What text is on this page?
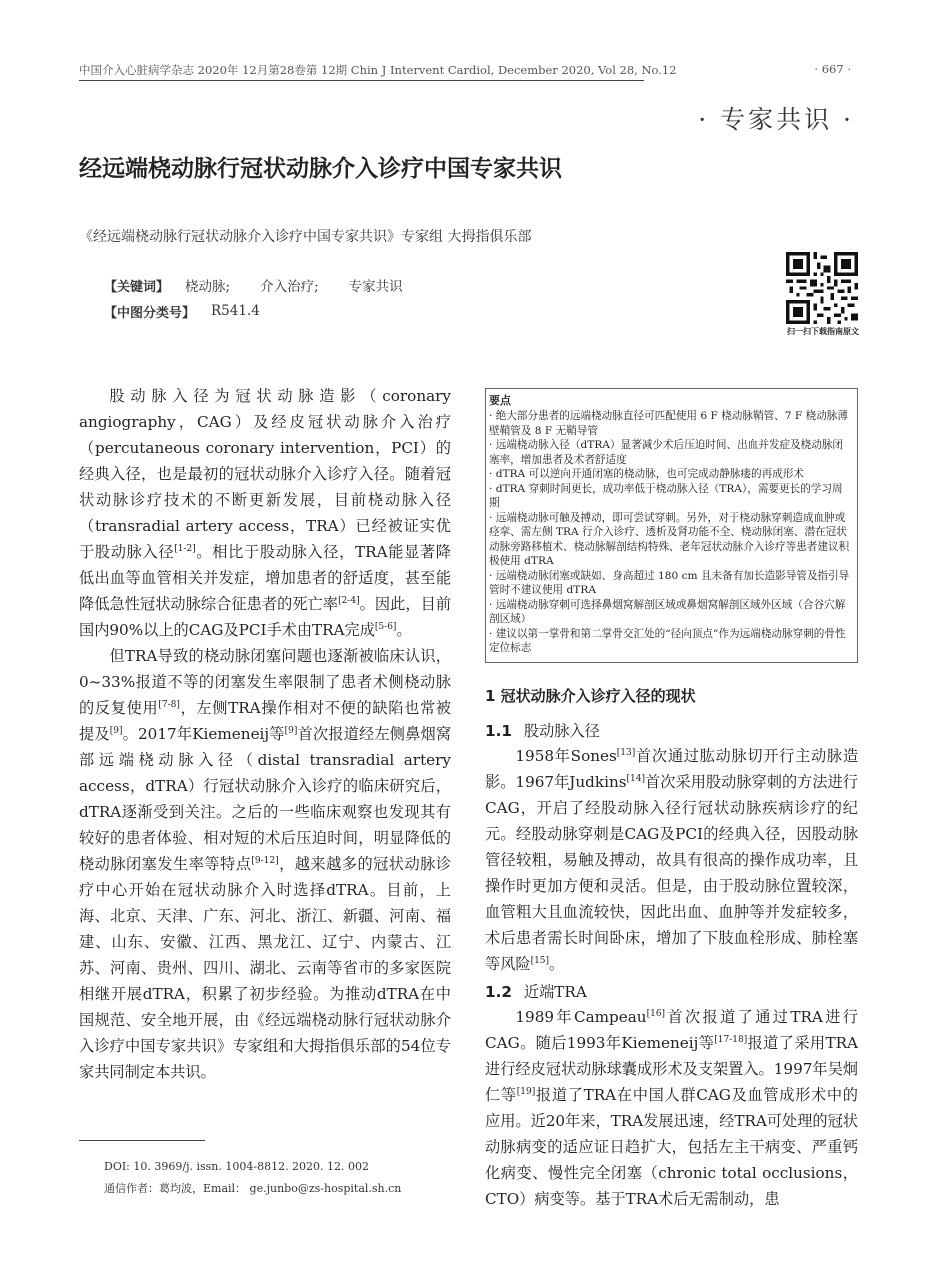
中国介入心脏病学杂志 2020年 12月第28卷第 12期 Chin J Intervent Cardiol, December 2020, Vol 28, No.12	· 667 ·
· 专家共识 ·
经远端桡动脉行冠状动脉介入诊疗中国专家共识
《经远端桡动脉行冠状动脉介入诊疗中国专家共识》专家组 大拇指俱乐部
【关键词】 桡动脉; 介入治疗; 专家共识
【中图分类号】 R541.4
扫一扫下载指南原文

股动脉入径为冠状动脉造影（coronary angiography，CAG）及经皮冠状动脉介入治疗（percutaneous coronary intervention，PCI）的经典入径，也是最初的冠状动脉介入诊疗入径。随着冠状动脉诊疗技术的不断更新发展，目前桡动脉入径（transradial artery access，TRA）已经被证实优于股动脉入径[1-2]。相比于股动脉入径，TRA能显著降低出血等血管相关并发症，增加患者的舒适度，甚至能降低急性冠状动脉综合征患者的死亡率[2-4]。因此，目前国内90%以上的CAG及PCI手术由TRA完成[5-6]。

但TRA导致的桡动脉闭塞问题也逐渐被临床认识，0~33%报道不等的闭塞发生率限制了患者术侧桡动脉的反复使用[7-8]，左侧TRA操作相对不便的缺陷也常被提及[9]。2017年Kiemeneij等[9]首次报道经左侧鼻烟窝部远端桡动脉入径（distal transradial artery access，dTRA）行冠状动脉介入诊疗的临床研究后，dTRA逐渐受到关注。之后的一些临床观察也发现其有较好的患者体验、相对短的术后压迫时间，明显降低的桡动脉闭塞发生率等特点[9-12]，越来越多的冠状动脉诊疗中心开始在冠状动脉介入时选择dTRA。目前，上海、北京、天津、广东、河北、浙江、新疆、河南、福建、山东、安徽、江西、黑龙江、辽宁、内蒙古、江苏、河南、贵州、四川、湖北、云南等省市的多家医院相继开展dTRA，积累了初步经验。为推动dTRA在中国规范、安全地开展，由《经远端桡动脉行冠状动脉介入诊疗中国专家共识》专家组和大拇指俱乐部的54位专家共同制定本共识。

要点

· 绝大部分患者的远端桡动脉直径可匹配使用 6 F 桡动脉鞘管、7 F 桡动脉薄壁鞘管及 8 F 无鞘导管

· 远端桡动脉入径（dTRA）显著减少术后压迫时间、出血并发症及桡动脉闭塞率，增加患者及术者舒适度

· dTRA 可以逆向开通闭塞的桡动脉，也可完成动静脉瘘的再成形术

· dTRA 穿刺时间更长，成功率低于桡动脉入径（TRA），需要更长的学习周期

· 远端桡动脉可触及搏动，即可尝试穿刺。另外，对于桡动脉穿刺造成血肿或痉挛、需左侧 TRA 行介入诊疗、透析及肾功能不全、桡动脉闭塞、潜在冠状动脉旁路移植术、桡动脉解剖结构特殊、老年冠状动脉介入诊疗等患者建议积极使用 dTRA

· 远端桡动脉闭塞或缺如、身高超过 180 cm 且未备有加长造影导管及指引导管时不建议使用 dTRA

· 远端桡动脉穿刺可选择鼻烟窝解剖区域或鼻烟窝解剖区域外区域（合谷穴解剖区域）

· 建议以第一掌骨和第二掌骨交汇处的“径向顶点”作为远端桡动脉穿刺的骨性定位标志

1 冠状动脉介入诊疗入径的现状
1.1 股动脉入径

1958年Sones[13]首次通过肱动脉切开行主动脉造影。1967年Judkins[14]首次采用股动脉穿刺的方法进行CAG，开启了经股动脉入径行冠状动脉疾病诊疗的纪元。经股动脉穿刺是CAG及PCI的经典入径，因股动脉管径较粗，易触及搏动，故具有很高的操作成功率，且操作时更加方便和灵活。但是，由于股动脉位置较深，血管粗大且血流较快，因此出血、血肿等并发症较多，术后患者需长时间卧床，增加了下肢血栓形成、肺栓塞等风险[15]。

1.2 近端TRA

1989年Campeau[16]首次报道了通过TRA进行CAG。随后1993年Kiemeneij等[17-18]报道了采用TRA进行经皮冠状动脉球囊成形术及支架置入。1997年吴炯仁等[19]报道了TRA在中国人群CAG及血管成形术中的应用。近20年来，TRA发展迅速，经TRA可处理的冠状动脉病变的适应证日趋扩大，包括左主干病变、严重钙化病变、慢性完全闭塞（chronic total occlusions，CTO）病变等。基于TRA术后无需制动，患

DOI: 10. 3969/j. issn. 1004-8812. 2020. 12. 002
通信作者：葛均波，Email： ge.junbo@zs-hospital.sh.cn
